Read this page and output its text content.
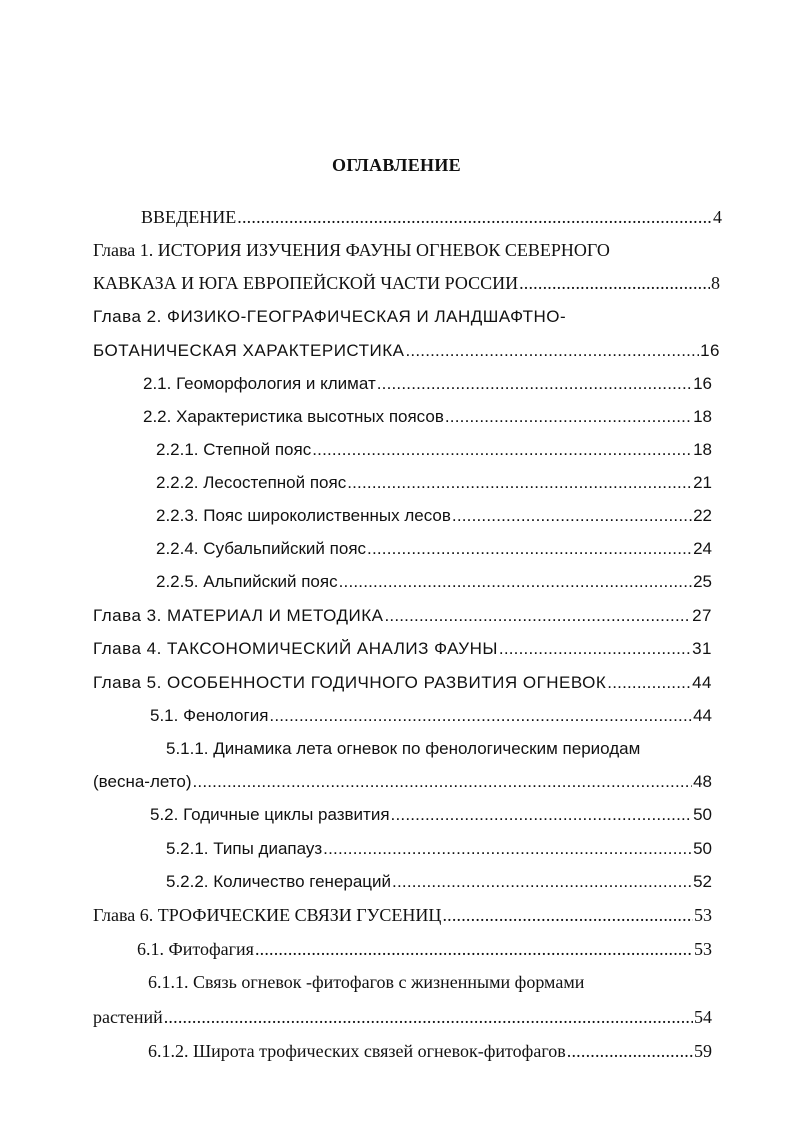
ОГЛАВЛЕНИЕ
ВВЕДЕНИЕ .....	4
Глава 1. ИСТОРИЯ ИЗУЧЕНИЯ ФАУНЫ ОГНЕВОК СЕВЕРНОГО
КАВКАЗА И ЮГА ЕВРОПЕЙСКОЙ ЧАСТИ РОССИИ .....	8
Глава 2. ФИЗИКО-ГЕОГРАФИЧЕСКАЯ И ЛАНДШАФТНО-
БОТАНИЧЕСКАЯ ХАРАКТЕРИСТИКА .....	16
2.1. Геоморфология и климат .....	16
2.2. Характеристика высотных поясов .....	18
2.2.1. Степной пояс .....	18
2.2.2. Лесостепной пояс .....	21
2.2.3. Пояс широколиственных лесов .....	22
2.2.4. Субальпийский пояс .....	24
2.2.5. Альпийский пояс .....	25
Глава 3. МАТЕРИАЛ И МЕТОДИКА .....	27
Глава 4. ТАКСОНОМИЧЕСКИЙ АНАЛИЗ ФАУНЫ .....	31
Глава 5. ОСОБЕННОСТИ ГОДИЧНОГО РАЗВИТИЯ ОГНЕВОК .....	44
5.1. Фенология .....	44
5.1.1. Динамика лета огневок по фенологическим периодам
(весна-лето) .....	48
5.2. Годичные циклы развития .....	50
5.2.1. Типы диапауз .....	50
5.2.2. Количество генераций .....	52
Глава 6. ТРОФИЧЕСКИЕ СВЯЗИ ГУСЕНИЦ .....	53
6.1. Фитофагия .....	53
6.1.1. Связь огневок -фитофагов с жизненными формами
растений .....	54
6.1.2. Широта трофических связей огневок-фитофагов .....	59
